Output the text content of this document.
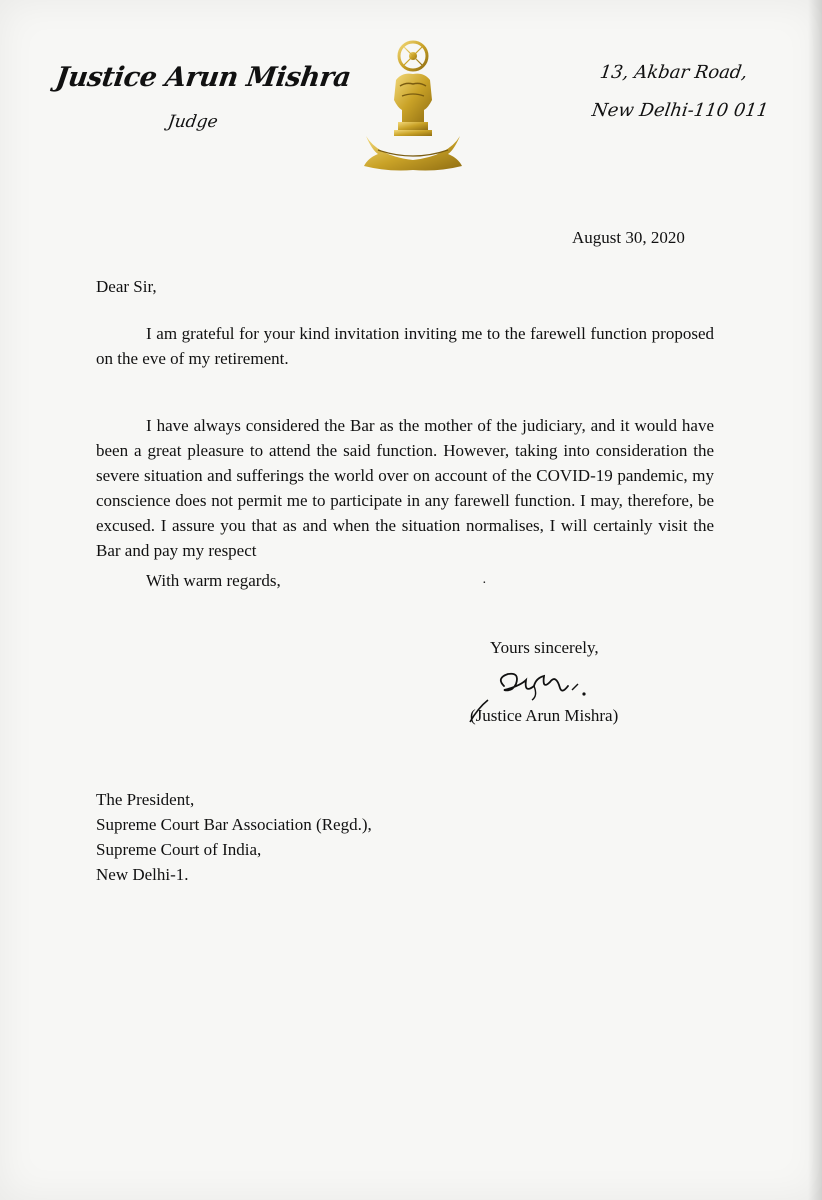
Justice Arun Mishra
Judge
13, Akbar Road,
New Delhi-110 011
August 30, 2020
Dear Sir,

I am grateful for your kind invitation inviting me to the farewell function proposed on the eve of my retirement.

I have always considered the Bar as the mother of the judiciary, and it would have been a great pleasure to attend the said function. However, taking into consideration the severe situation and sufferings the world over on account of the COVID-19 pandemic, my conscience does not permit me to participate in any farewell function. I may, therefore, be excused. I assure you that as and when the situation normalises, I will certainly visit the Bar and pay my respect

With warm regards,	·
Yours sincerely,
(Justice Arun Mishra)
The President,
Supreme Court Bar Association (Regd.),
Supreme Court of India,
New Delhi-1.
